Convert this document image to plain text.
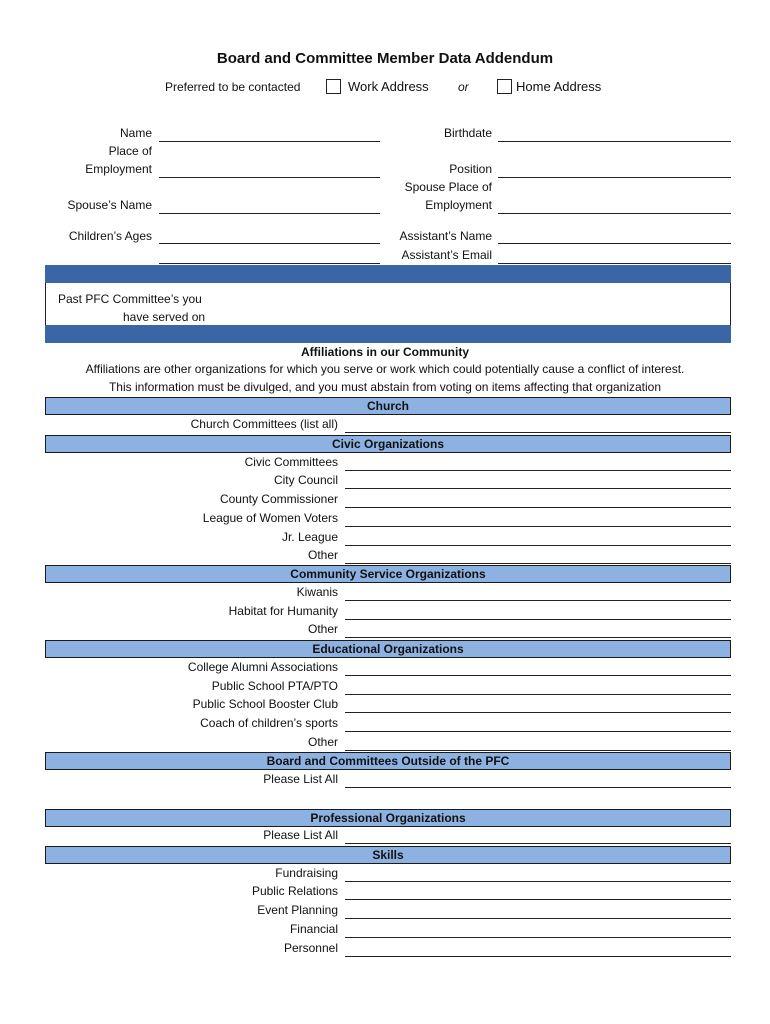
Board and Committee Member Data Addendum
Preferred to be contacted	Work Address or	Home Address
Name
Place of
Employment
Spouse’s Name
Children’s Ages
Birthdate
Position
Spouse Place of
Employment
Assistant’s Name
Assistant’s Email
Past PFC Committee’s you
have served on
Affiliations in our Community
Affiliations are other organizations for which you serve or work which could potentially cause a conflict of interest.
This information must be divulged, and you must abstain from voting on items affecting that organization
Church
Church Committees (list all)
Civic Organizations
Civic Committees
City Council
County Commissioner
League of Women Voters
Jr. League
Other
Community Service Organizations
Kiwanis
Habitat for Humanity
Other
Educational Organizations
College Alumni Associations
Public School PTA/PTO
Public School Booster Club
Coach of children’s sports
Other
Board and Committees Outside of the PFC
Please List All
Professional Organizations
Please List All
Skills
Fundraising
Public Relations
Event Planning
Financial
Personnel
